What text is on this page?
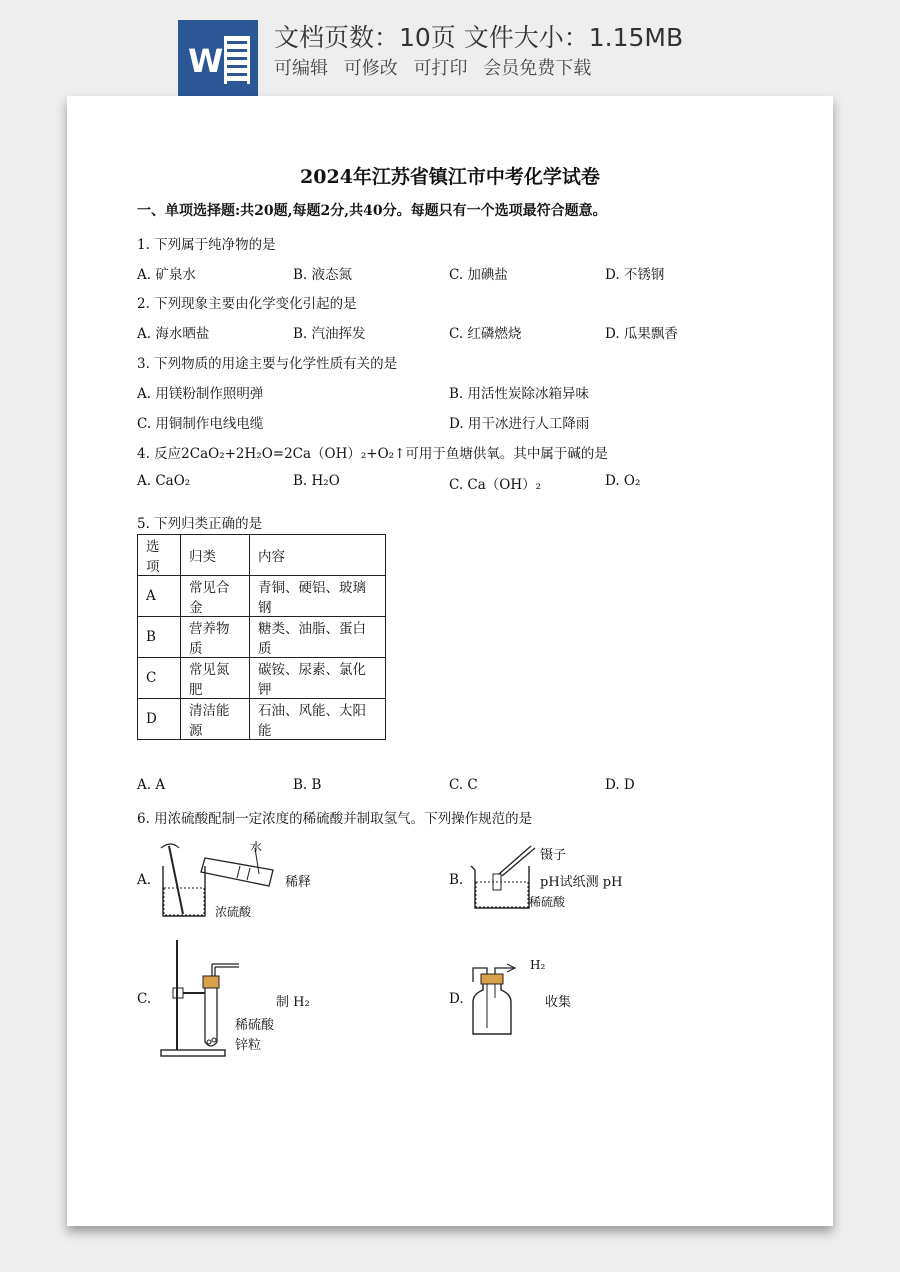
W
文档页数：10页 文件大小：1.15MB
可编辑 可修改 可打印 会员免费下载
2024年江苏省镇江市中考化学试卷
一、单项选择题:共20题,每题2分,共40分。每题只有一个选项最符合题意。
1. 下列属于纯净物的是
A. 矿泉水	B. 液态氮	C. 加碘盐	D. 不锈钢
2. 下列现象主要由化学变化引起的是
A. 海水晒盐	B. 汽油挥发	C. 红磷燃烧	D. 瓜果飘香
3. 下列物质的用途主要与化学性质有关的是
A. 用镁粉制作照明弹	B. 用活性炭除冰箱异味
C. 用铜制作电线电缆	D. 用干冰进行人工降雨
4. 反应2CaO₂+2H₂O=2Ca（OH）₂+O₂↑可用于鱼塘供氧。其中属于碱的是
A. CaO₂	B. H₂O	C. Ca（OH）₂	D. O₂
5. 下列归类正确的是
选项	归类	内容
A	常见合金	青铜、硬铝、玻璃钢
B	营养物质	糖类、油脂、蛋白质
C	常见氮肥	碳铵、尿素、氯化钾
D	清洁能源	石油、风能、太阳能
A. A	B. B	C. C	D. D
6. 用浓硫酸配制一定浓度的稀硫酸并制取氢气。下列操作规范的是
A.
水
稀释
浓硫酸
B.
镊子
pH试纸测 pH
稀硫酸
C.	制 H₂
稀硫酸
锌粒
D.
H₂
收集
